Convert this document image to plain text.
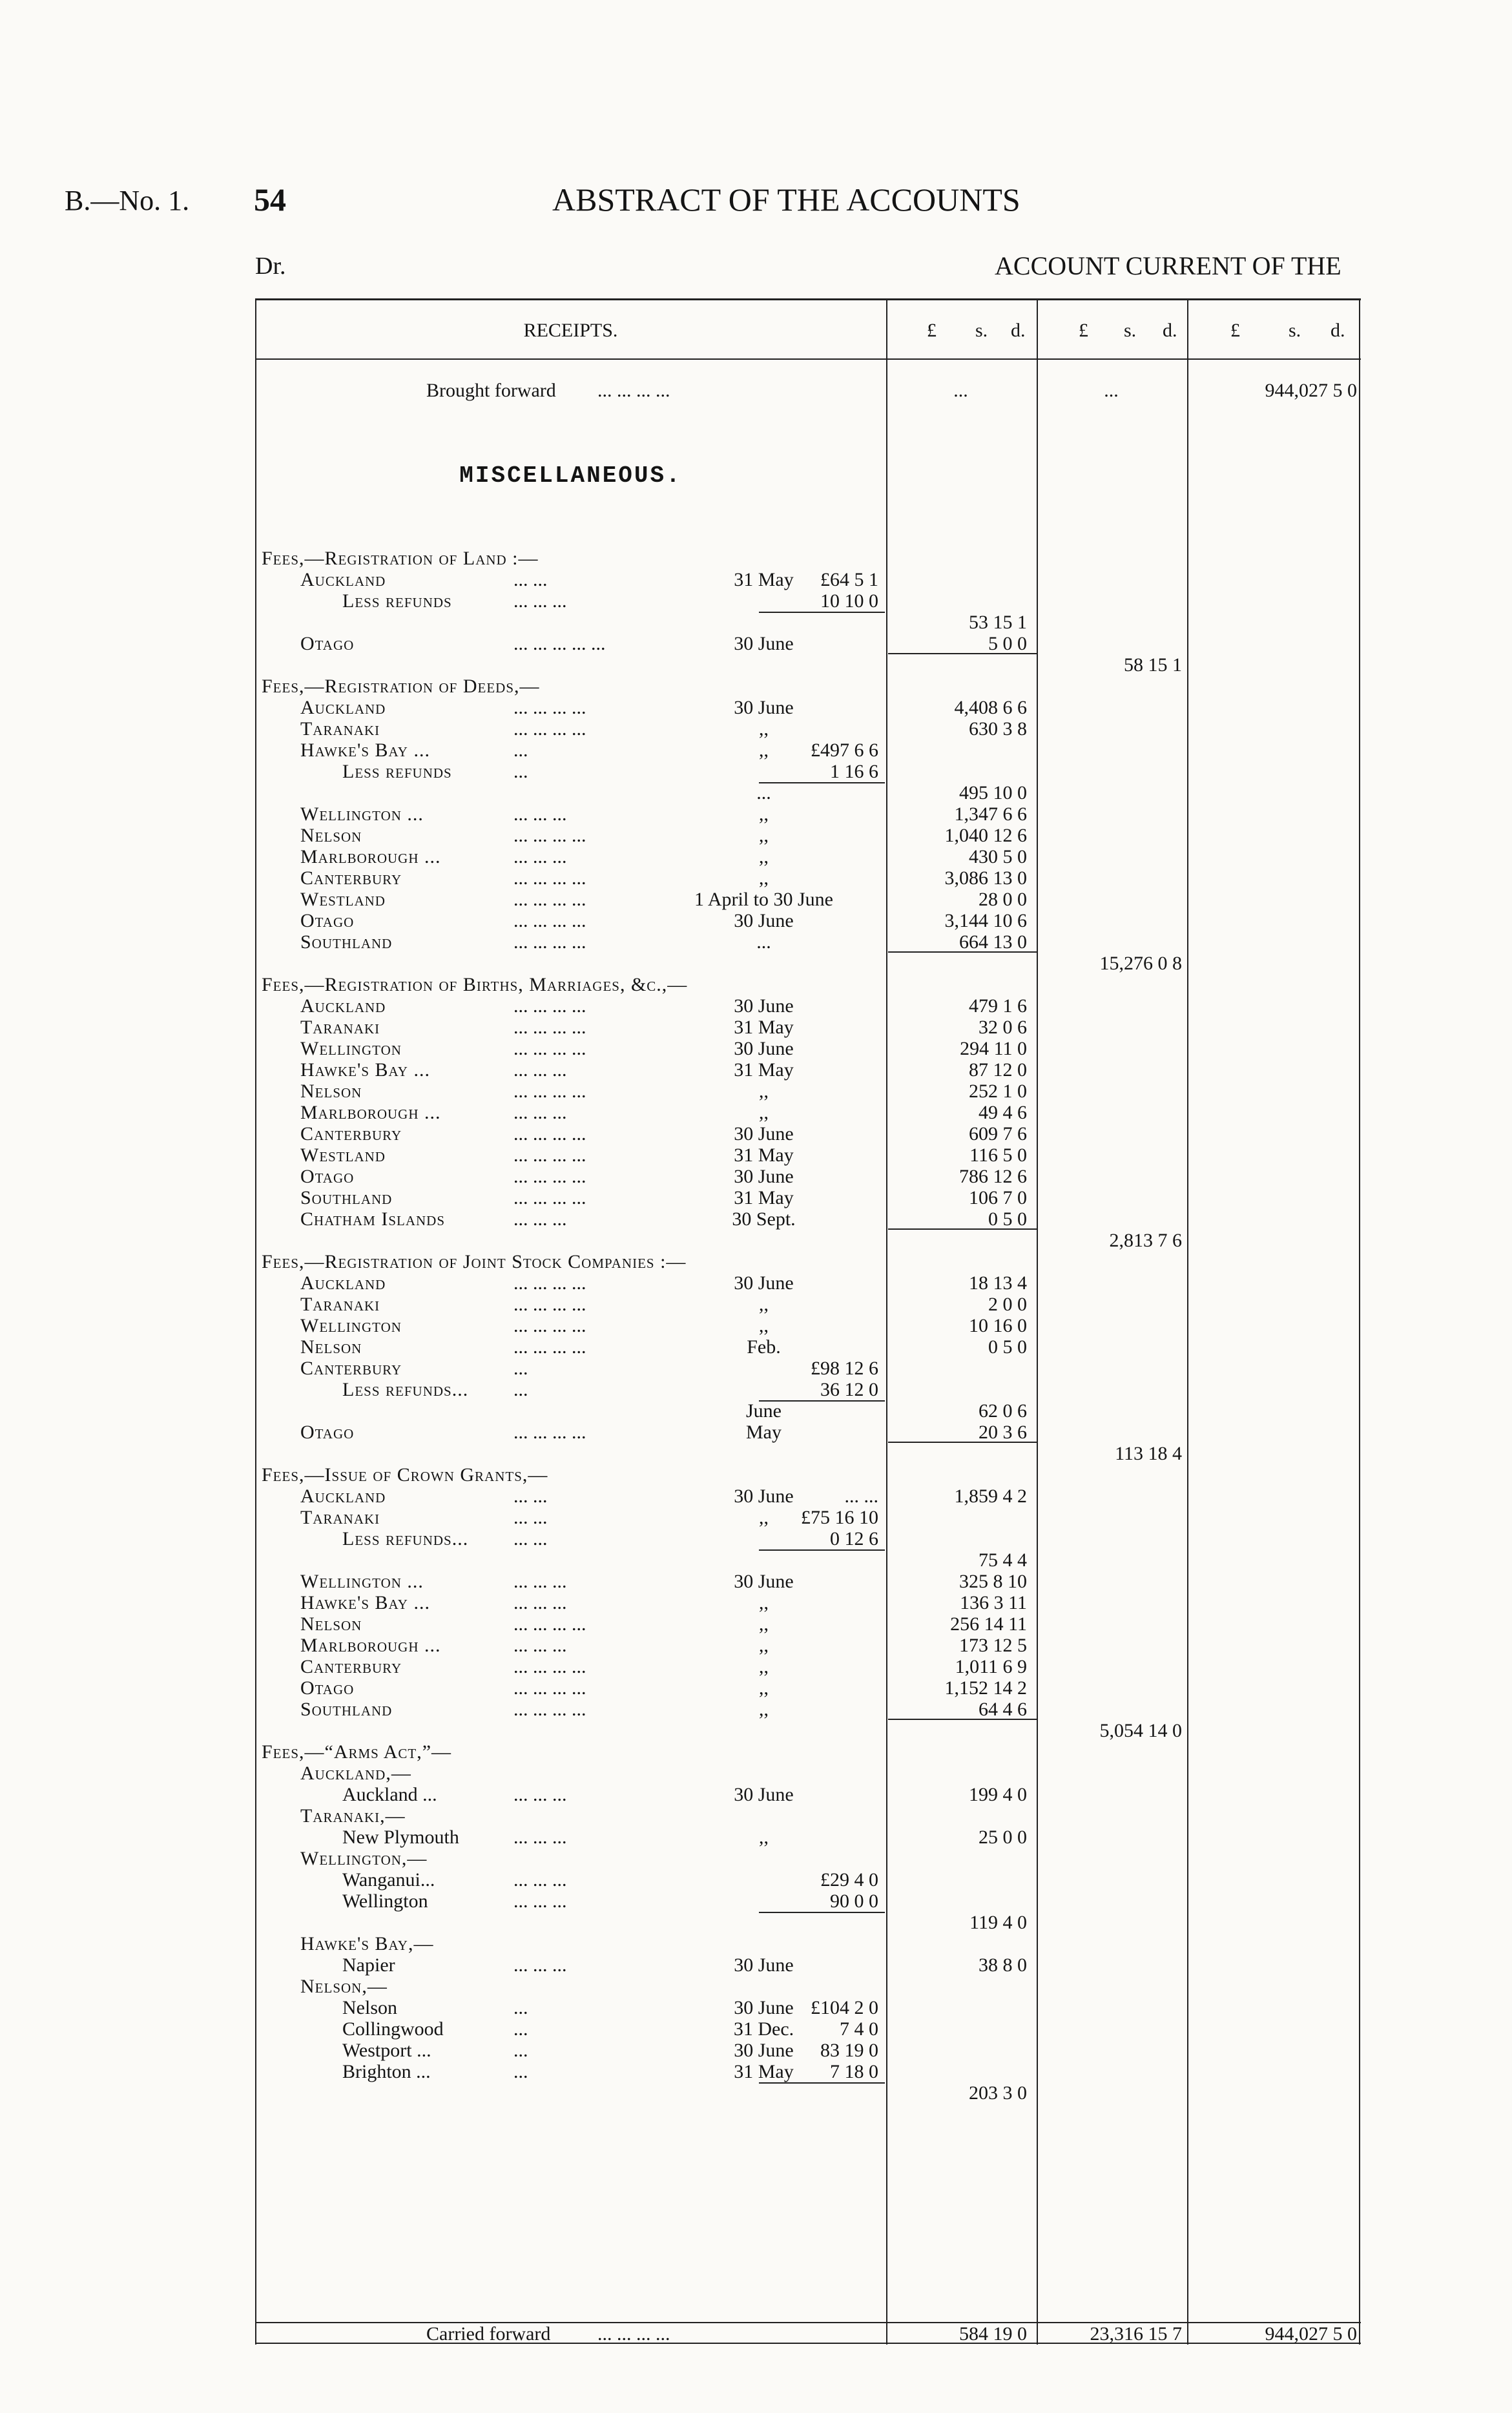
B.—No. 1. 54	ABSTRACT OF THE ACCOUNTS
Dr.	ACCOUNT CURRENT OF THE
RECEIPTS.	£	s.	d.	£	s.	d.	£	s.	d.
Brought forward ... ... ... ...	...	...	944,027 5 0
MISCELLANEOUS.
Fees,—Registration of Land :—
Auckland	... ...	31 May	£64 5 1
Less refunds	... ... ...	10 10 0
53 15 1
Otago	... ... ... ... ...	30 June	5 0 0
58 15 1
Fees,—Registration of Deeds,—
Auckland	... ... ... ...	30 June	4,408 6 6
Taranaki	... ... ... ...	,,	630 3 8
Hawke's Bay ...	...	,,	£497 6 6
Less refunds	...	1 16 6
...	495 10 0
Wellington ...	... ... ...	,,	1,347 6 6
Nelson	... ... ... ...	,,	1,040 12 6
Marlborough ...	... ... ...	,,	430 5 0
Canterbury	... ... ... ...	,,	3,086 13 0
Westland	... ... ... ...	1 April to 30 June	28 0 0
Otago	... ... ... ...	30 June	3,144 10 6
Southland	... ... ... ...	...	664 13 0
15,276 0 8
Fees,—Registration of Births, Marriages, &c.,—
Auckland	... ... ... ...	30 June	479 1 6
Taranaki	... ... ... ...	31 May	32 0 6
Wellington	... ... ... ...	30 June	294 11 0
Hawke's Bay ...	... ... ...	31 May	87 12 0
Nelson	... ... ... ...	,,	252 1 0
Marlborough ...	... ... ...	,,	49 4 6
Canterbury	... ... ... ...	30 June	609 7 6
Westland	... ... ... ...	31 May	116 5 0
Otago	... ... ... ...	30 June	786 12 6
Southland	... ... ... ...	31 May	106 7 0
Chatham Islands	... ... ...	30 Sept.	0 5 0
2,813 7 6
Fees,—Registration of Joint Stock Companies :—
Auckland	... ... ... ...	30 June	18 13 4
Taranaki	... ... ... ...	,,	2 0 0
Wellington	... ... ... ...	,,	10 16 0
Nelson	... ... ... ...	Feb.	0 5 0
Canterbury	...	£98 12 6
Less refunds... ...	36 12 0
June	62 0 6
Otago	... ... ... ...	May	20 3 6
113 18 4
Fees,—Issue of Crown Grants,—
Auckland	... ...	30 June	... ...	1,859 4 2
Taranaki	... ...	,,	£75 16 10
Less refunds... ... ...	0 12 6
75 4 4
Wellington ...	... ... ...	30 June	325 8 10
Hawke's Bay ...	... ... ...	,,	136 3 11
Nelson	... ... ... ...	,,	256 14 11
Marlborough ...	... ... ...	,,	173 12 5
Canterbury	... ... ... ...	,,	1,011 6 9
Otago	... ... ... ...	,,	1,152 14 2
Southland	... ... ... ...	,,	64 4 6
5,054 14 0
Fees,—“Arms Act,”—
Auckland,—
Auckland ...	... ... ...	30 June	199 4 0
Taranaki,—
New Plymouth	... ... ...	,,	25 0 0
Wellington,—
Wanganui...	... ... ...	£29 4 0
Wellington	... ... ...	90 0 0
119 4 0
Hawke's Bay,—
Napier	... ... ...	30 June	38 8 0
Nelson,—
Nelson	...	30 June £104 2 0
Collingwood	...	31 Dec.	7 4 0
Westport ...	...	30 June	83 19 0
Brighton ...	...	31 May	7 18 0
203 3 0
Carried forward ... ... ... ...	584 19 0	23,316 15 7	944,027 5 0
